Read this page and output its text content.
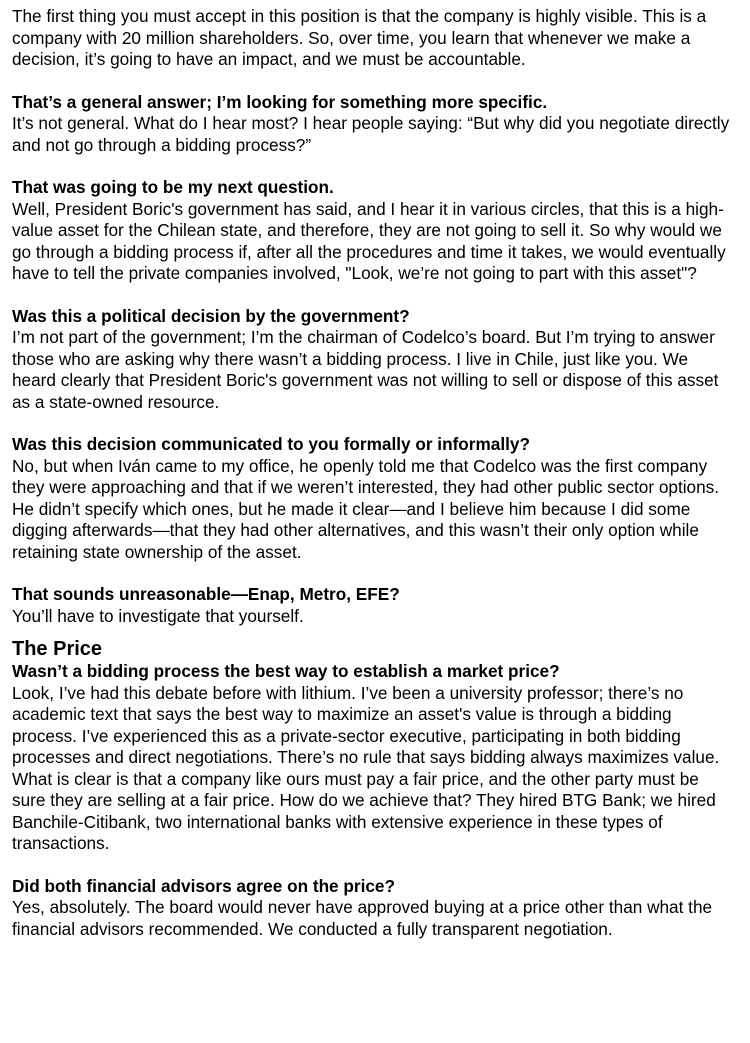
The first thing you must accept in this position is that the company is highly visible. This is a company with 20 million shareholders. So, over time, you learn that whenever we make a decision, it’s going to have an impact, and we must be accountable.

That’s a general answer; I’m looking for something more specific.

It’s not general. What do I hear most? I hear people saying: “But why did you negotiate directly and not go through a bidding process?”

That was going to be my next question.

Well, President Boric's government has said, and I hear it in various circles, that this is a high-value asset for the Chilean state, and therefore, they are not going to sell it. So why would we go through a bidding process if, after all the procedures and time it takes, we would eventually have to tell the private companies involved, "Look, we’re not going to part with this asset"?

Was this a political decision by the government?

I’m not part of the government; I’m the chairman of Codelco’s board. But I’m trying to answer those who are asking why there wasn’t a bidding process. I live in Chile, just like you. We heard clearly that President Boric's government was not willing to sell or dispose of this asset as a state-owned resource.

Was this decision communicated to you formally or informally?

No, but when Iván came to my office, he openly told me that Codelco was the first company they were approaching and that if we weren’t interested, they had other public sector options. He didn’t specify which ones, but he made it clear—and I believe him because I did some digging afterwards—that they had other alternatives, and this wasn’t their only option while retaining state ownership of the asset.

That sounds unreasonable—Enap, Metro, EFE?

You’ll have to investigate that yourself.

The Price

Wasn’t a bidding process the best way to establish a market price?

Look, I’ve had this debate before with lithium. I’ve been a university professor; there’s no academic text that says the best way to maximize an asset's value is through a bidding process. I’ve experienced this as a private-sector executive, participating in both bidding processes and direct negotiations. There’s no rule that says bidding always maximizes value.

What is clear is that a company like ours must pay a fair price, and the other party must be sure they are selling at a fair price. How do we achieve that? They hired BTG Bank; we hired Banchile-Citibank, two international banks with extensive experience in these types of transactions.

Did both financial advisors agree on the price?

Yes, absolutely. The board would never have approved buying at a price other than what the financial advisors recommended. We conducted a fully transparent negotiation.
